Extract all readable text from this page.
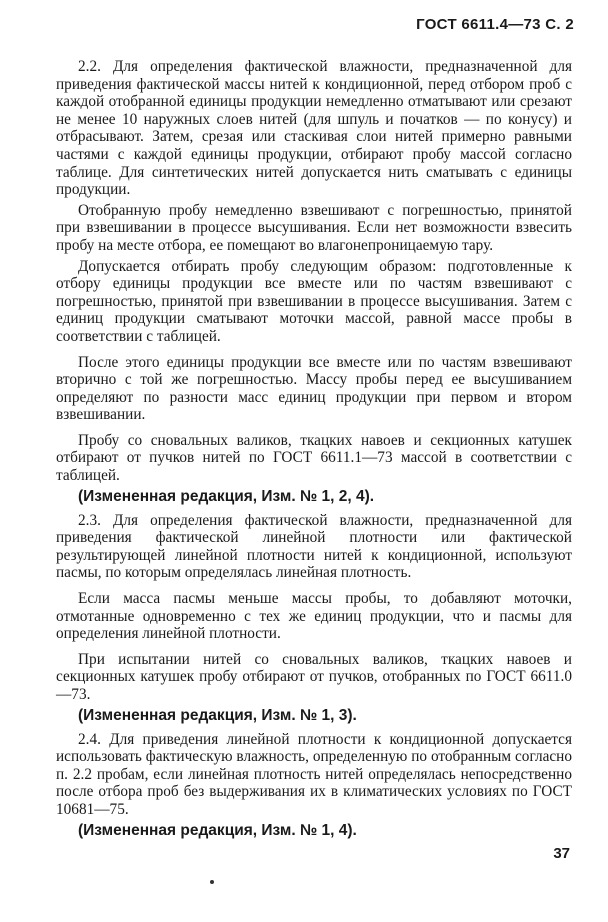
ГОСТ 6611.4—73 С. 2

2.2. Для определения фактической влажности, предназначенной для приведения фактической массы нитей к кондиционной, перед отбором проб с каждой отобранной единицы продукции немедленно отматывают или срезают не менее 10 наружных слоев нитей (для шпуль и початков — по конусу) и отбрасывают. Затем, срезая или стаскивая слои нитей примерно равными частями с каждой единицы продукции, отбирают пробу массой согласно таблице. Для синтетических нитей допускается нить сматывать с единицы продукции.

Отобранную пробу немедленно взвешивают с погрешностью, принятой при взвешивании в процессе высушивания. Если нет возможности взвесить пробу на месте отбора, ее помещают во влагонепроницаемую тару.

Допускается отбирать пробу следующим образом: подготовленные к отбору единицы продукции все вместе или по частям взвешивают с погрешностью, принятой при взвешивании в процессе высушивания. Затем с единиц продукции сматывают моточки массой, равной массе пробы в соответствии с таблицей.

После этого единицы продукции все вместе или по частям взвешивают вторично с той же погрешностью. Массу пробы перед ее высушиванием определяют по разности масс единиц продукции при первом и втором взвешивании.

Пробу со сновальных валиков, ткацких навоев и секционных катушек отбирают от пучков нитей по ГОСТ 6611.1—73 массой в соответствии с таблицей.

(Измененная редакция, Изм. № 1, 2, 4).

2.3. Для определения фактической влажности, предназначенной для приведения фактической линейной плотности или фактической результирующей линейной плотности нитей к кондиционной, используют пасмы, по которым определялась линейная плотность.

Если масса пасмы меньше массы пробы, то добавляют моточки, отмотанные одновременно с тех же единиц продукции, что и пасмы для определения линейной плотности.

При испытании нитей со сновальных валиков, ткацких навоев и секционных катушек пробу отбирают от пучков, отобранных по ГОСТ 6611.0—73.

(Измененная редакция, Изм. № 1, 3).

2.4. Для приведения линейной плотности к кондиционной допускается использовать фактическую влажность, определенную по отобранным согласно п. 2.2 пробам, если линейная плотность нитей определялась непосредственно после отбора проб без выдерживания их в климатических условиях по ГОСТ 10681—75.

(Измененная редакция, Изм. № 1, 4).

37
